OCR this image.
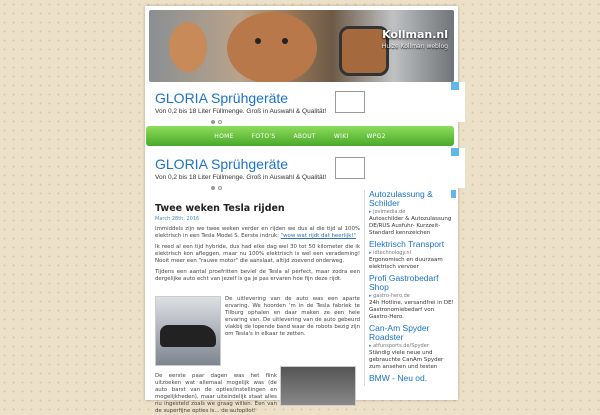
Kollman.nl
Huize Kollman weblog
GLORIA Sprühgeräte
Von 0,2 bis 18 Liter Füllmenge. Groß in Auswahl & Qualität!
HOME	FOTO'S	ABOUT	WIKI	WPG2
GLORIA Sprühgeräte
Von 0,2 bis 18 Liter Füllmenge. Groß in Auswahl & Qualität!
Twee weken Tesla rijden
March 28th, 2016

Immiddels zijn we twee weken verder en rijden we dus al die tijd al 100% elektrisch in een Tesla Model S. Eerste indruk: "wow wat rijdt dat heerlijk!"

Ik reed al een tijd hybride, dus had elke dag wel 30 tot 50 kilometer die ik elektrisch kon afleggen, maar nu 100% elektrisch is wel een verademing! Nooit meer een "rauwe motor" die aanslaat, altijd zoevend onderweg.

Tijdens een aantal proefritten beviel de Tesla al perfect, maar zodra een dergelijke auto echt van jezelf is ga je pas ervaren hoe fijn deze rijdt.

De uitlevering van de auto was een aparte ervaring. We hoorden 'm in de Tesla fabriek te Tilburg ophalen en daar maken ze een hele ervaring van. De uitlevering van de auto gebeurd vlakbij de lopende band waar de robots bezig zijn om Tesla's in elkaar te zetten.

De eerste paar dagen was het flink uitzoeken wat allemaal mogelijk was (de auto barst van de opties/instellingen en mogelijkheden), maar uiteindelijk staat alles nu ingesteld zoals we graag willen. Een van de superfijne opties is... de autopilot!

Autozulassung & Schilder
▸ jovimedia.de
Autoschilder & Autozulassung DE/RUS Ausfuhr- Kurzzeit- Standard kennzeichen
Elektrisch Transport
▸ idtechnology.nl
Ergonomisch en duurzaam elektrisch vervoer
Profi Gastrobedarf Shop
▸ gastro-hero.de
24h Hotline, versandfrei in DE! Gastronomiebedarf von Gastro-Hero.
Can-Am Spyder Roadster
▸ atfunsports.de/Spyder
Ständig viele neue und gebrauchte CanAm Spyder zum ansehen und testen
BMW - Neu od.
